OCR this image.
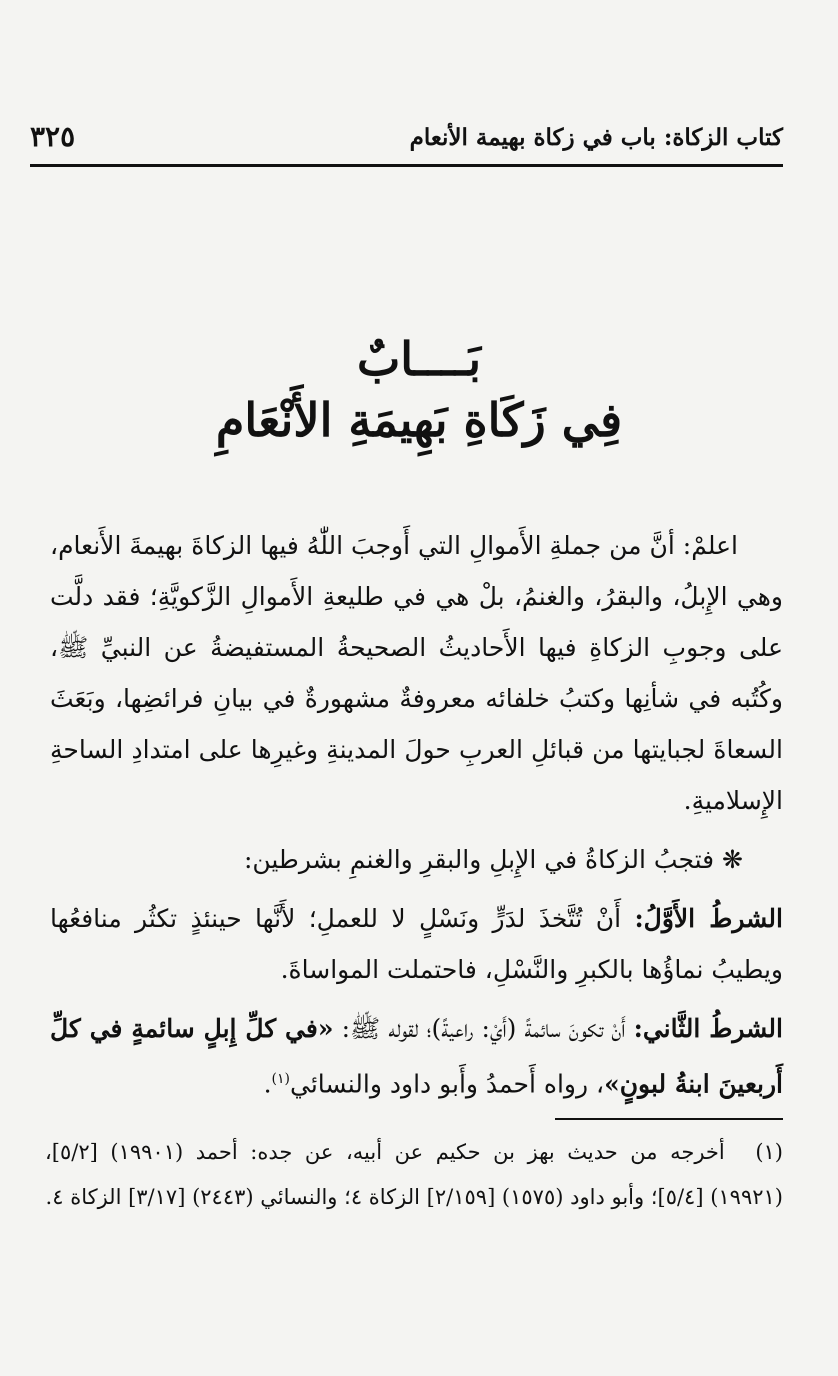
كتاب الزكاة: باب في زكاة بهيمة الأنعام
٣٢٥
بَــــابٌ
فِي زَكَاةِ بَهِيمَةِ الأَنْعَامِ

اعلمْ: أنَّ من جملةِ الأَموالِ التي أَوجبَ اللّٰهُ فيها الزكاةَ بهيمةَ الأَنعام، وهي الإِبلُ، والبقرُ، والغنمُ، بلْ هي في طليعةِ الأَموالِ الزَّكويَّةِ؛ فقد دلَّت على وجوبِ الزكاةِ فيها الأَحاديثُ الصحيحةُ المستفيضةُ عن النبيِّ ﷺ، وكُتُبه في شأنِها وكتبُ خلفائه معروفةٌ مشهورةٌ في بيانِ فرائضِها، وبَعَثَ السعاةَ لجبايتها من قبائلِ العربِ حولَ المدينةِ وغيرِها على امتدادِ الساحةِ الإِسلاميةِ.

❋ فتجبُ الزكاةُ في الإِبلِ والبقرِ والغنمِ بشرطين:

الشرطُ الأَوَّلُ: أَنْ تُتَّخذَ لدَرٍّ ونَسْلٍ لا للعملِ؛ لأَنَّها حينئذٍ تكثُر منافعُها ويطيبُ نماؤُها بالكبرِ والنَّسْلِ، فاحتملت المواساةَ.

الشرطُ الثَّاني: أَنْ تكونَ سائمةً (أَيْ: راعيةً)؛ لقوله ﷺ: «في كلِّ إِبلٍ سائمةٍ في كلِّ أَربعينَ ابنةُ لبونٍ»، رواه أَحمدُ وأَبو داود والنسائي$^{(١)}$.

(١) أخرجه من حديث بهز بن حكيم عن أبيه، عن جده: أحمد (١٩٩٠١) [٥/٢]، (١٩٩٢١) [٥/٤]؛ وأبو داود (١٥٧٥) [٢/١٥٩] الزكاة ٤؛ والنسائي (٢٤٤٣) [٣/١٧] الزكاة ٤.
